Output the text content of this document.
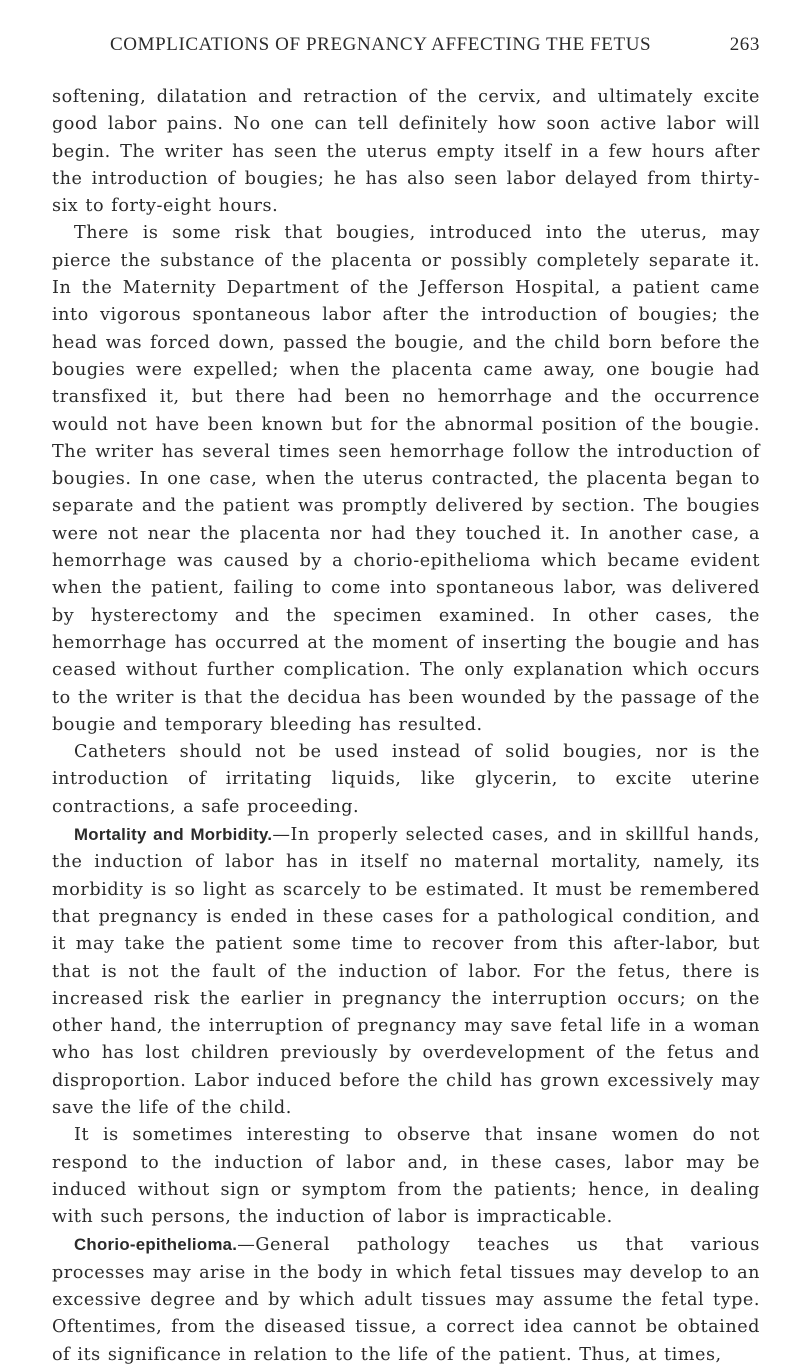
COMPLICATIONS OF PREGNANCY AFFECTING THE FETUS	263

softening, dilatation and retraction of the cervix, and ultimately excite good labor pains. No one can tell definitely how soon active labor will begin. The writer has seen the uterus empty itself in a few hours after the introduction of bougies; he has also seen labor delayed from thirty-six to forty-eight hours.

There is some risk that bougies, introduced into the uterus, may pierce the substance of the placenta or possibly completely separate it. In the Maternity Department of the Jefferson Hospital, a patient came into vigorous spontaneous labor after the introduction of bougies; the head was forced down, passed the bougie, and the child born before the bougies were expelled; when the placenta came away, one bougie had transfixed it, but there had been no hemorrhage and the occurrence would not have been known but for the abnormal position of the bougie. The writer has several times seen hemorrhage follow the introduction of bougies. In one case, when the uterus contracted, the placenta began to separate and the patient was promptly delivered by section. The bougies were not near the placenta nor had they touched it. In another case, a hemorrhage was caused by a chorio-epithelioma which became evident when the patient, failing to come into spontaneous labor, was delivered by hysterectomy and the specimen examined. In other cases, the hemorrhage has occurred at the moment of inserting the bougie and has ceased without further complication. The only explanation which occurs to the writer is that the decidua has been wounded by the passage of the bougie and temporary bleeding has resulted.

Catheters should not be used instead of solid bougies, nor is the introduction of irritating liquids, like glycerin, to excite uterine contractions, a safe proceeding.

Mortality and Morbidity.—In properly selected cases, and in skillful hands, the induction of labor has in itself no maternal mortality, namely, its morbidity is so light as scarcely to be estimated. It must be remembered that pregnancy is ended in these cases for a pathological condition, and it may take the patient some time to recover from this after-labor, but that is not the fault of the induction of labor. For the fetus, there is increased risk the earlier in pregnancy the interruption occurs; on the other hand, the interruption of pregnancy may save fetal life in a woman who has lost children previously by overdevelopment of the fetus and disproportion. Labor induced before the child has grown excessively may save the life of the child.

It is sometimes interesting to observe that insane women do not respond to the induction of labor and, in these cases, labor may be induced without sign or symptom from the patients; hence, in dealing with such persons, the induction of labor is impracticable.

Chorio-epithelioma.—General pathology teaches us that various processes may arise in the body in which fetal tissues may develop to an excessive degree and by which adult tissues may assume the fetal type. Oftentimes, from the diseased tissue, a correct idea cannot be obtained of its significance in relation to the life of the patient. Thus, at times,
